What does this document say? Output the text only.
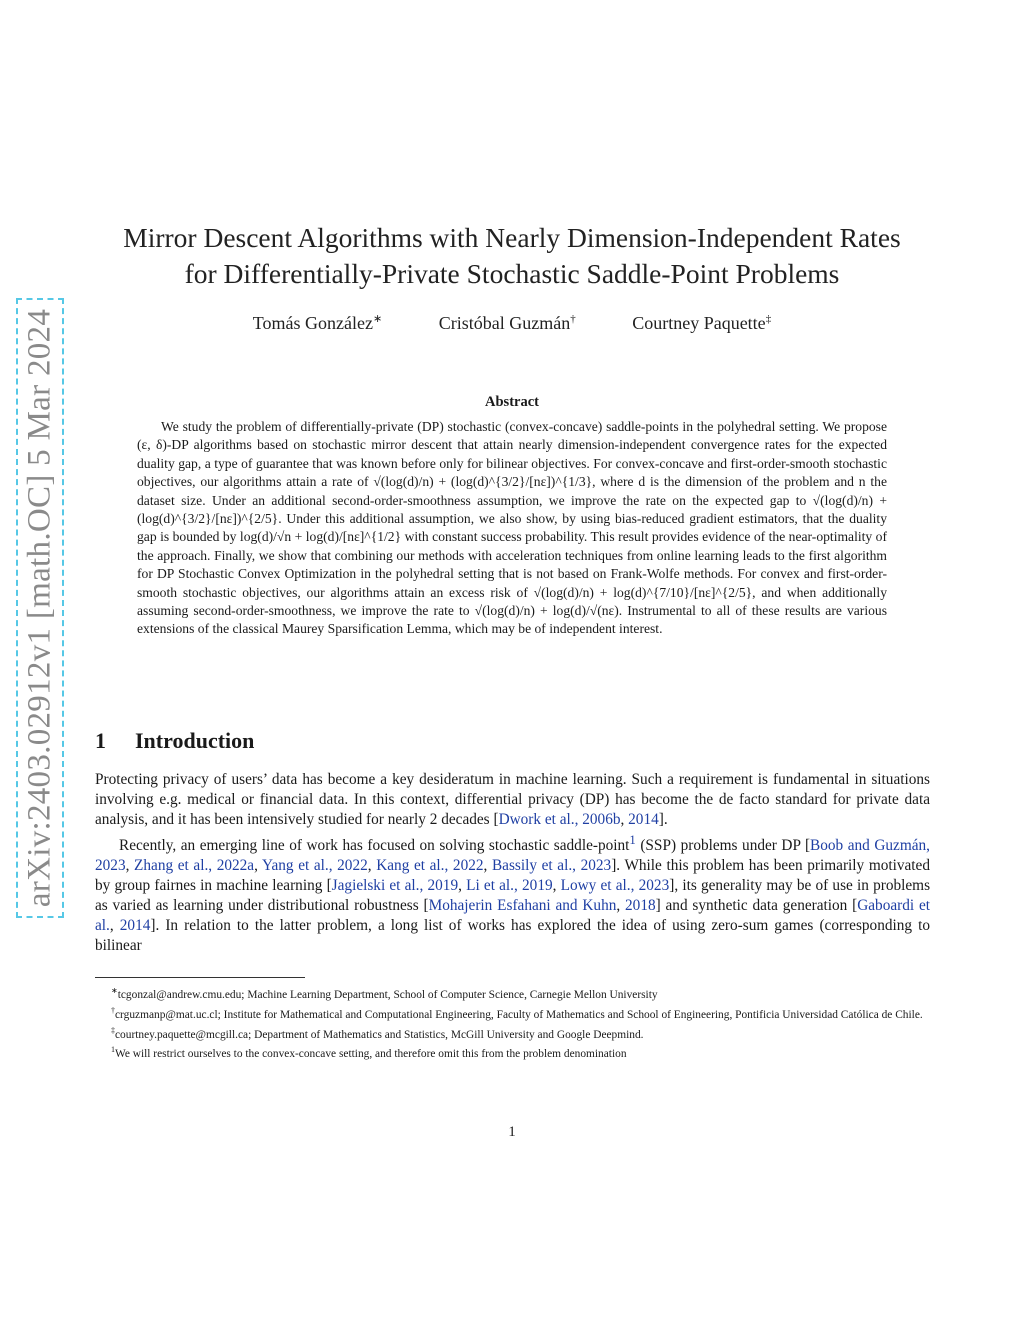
arXiv:2403.02912v1 [math.OC] 5 Mar 2024
Mirror Descent Algorithms with Nearly Dimension-Independent Rates
for Differentially-Private Stochastic Saddle-Point Problems
Tomás González∗	Cristóbal Guzmán†	Courtney Paquette‡
Abstract

We study the problem of differentially-private (DP) stochastic (convex-concave) saddle-points in the polyhedral setting. We propose (ε, δ)-DP algorithms based on stochastic mirror descent that attain nearly dimension-independent convergence rates for the expected duality gap, a type of guarantee that was known before only for bilinear objectives. For convex-concave and first-order-smooth stochastic objectives, our algorithms attain a rate of √(log(d)/n) + (log(d)^{3/2}/[nε])^{1/3}, where d is the dimension of the problem and n the dataset size. Under an additional second-order-smoothness assumption, we improve the rate on the expected gap to √(log(d)/n) + (log(d)^{3/2}/[nε])^{2/5}. Under this additional assumption, we also show, by using bias-reduced gradient estimators, that the duality gap is bounded by log(d)/√n + log(d)/[nε]^{1/2} with constant success probability. This result provides evidence of the near-optimality of the approach. Finally, we show that combining our methods with acceleration techniques from online learning leads to the first algorithm for DP Stochastic Convex Optimization in the polyhedral setting that is not based on Frank-Wolfe methods. For convex and first-order-smooth stochastic objectives, our algorithms attain an excess risk of √(log(d)/n) + log(d)^{7/10}/[nε]^{2/5}, and when additionally assuming second-order-smoothness, we improve the rate to √(log(d)/n) + log(d)/√(nε). Instrumental to all of these results are various extensions of the classical Maurey Sparsification Lemma, which may be of independent interest.

1 Introduction

Protecting privacy of users’ data has become a key desideratum in machine learning. Such a requirement is fundamental in situations involving e.g. medical or financial data. In this context, differential privacy (DP) has become the de facto standard for private data analysis, and it has been intensively studied for nearly 2 decades [Dwork et al., 2006b, 2014].

Recently, an emerging line of work has focused on solving stochastic saddle-point$^1$ (SSP) problems under DP [Boob and Guzmán, 2023, Zhang et al., 2022a, Yang et al., 2022, Kang et al., 2022, Bassily et al., 2023]. While this problem has been primarily motivated by group fairnes in machine learning [Jagielski et al., 2019, Li et al., 2019, Lowy et al., 2023], its generality may be of use in problems as varied as learning under distributional robustness [Mohajerin Esfahani and Kuhn, 2018] and synthetic data generation [Gaboardi et al., 2014]. In relation to the latter problem, a long list of works has explored the idea of using zero-sum games (corresponding to bilinear

∗tcgonzal@andrew.cmu.edu; Machine Learning Department, School of Computer Science, Carnegie Mellon University

†crguzmanp@mat.uc.cl; Institute for Mathematical and Computational Engineering, Faculty of Mathematics and School of Engineering, Pontificia Universidad Católica de Chile.

‡courtney.paquette@mcgill.ca; Department of Mathematics and Statistics, McGill University and Google Deepmind.

$^1$We will restrict ourselves to the convex-concave setting, and therefore omit this from the problem denomination

1
